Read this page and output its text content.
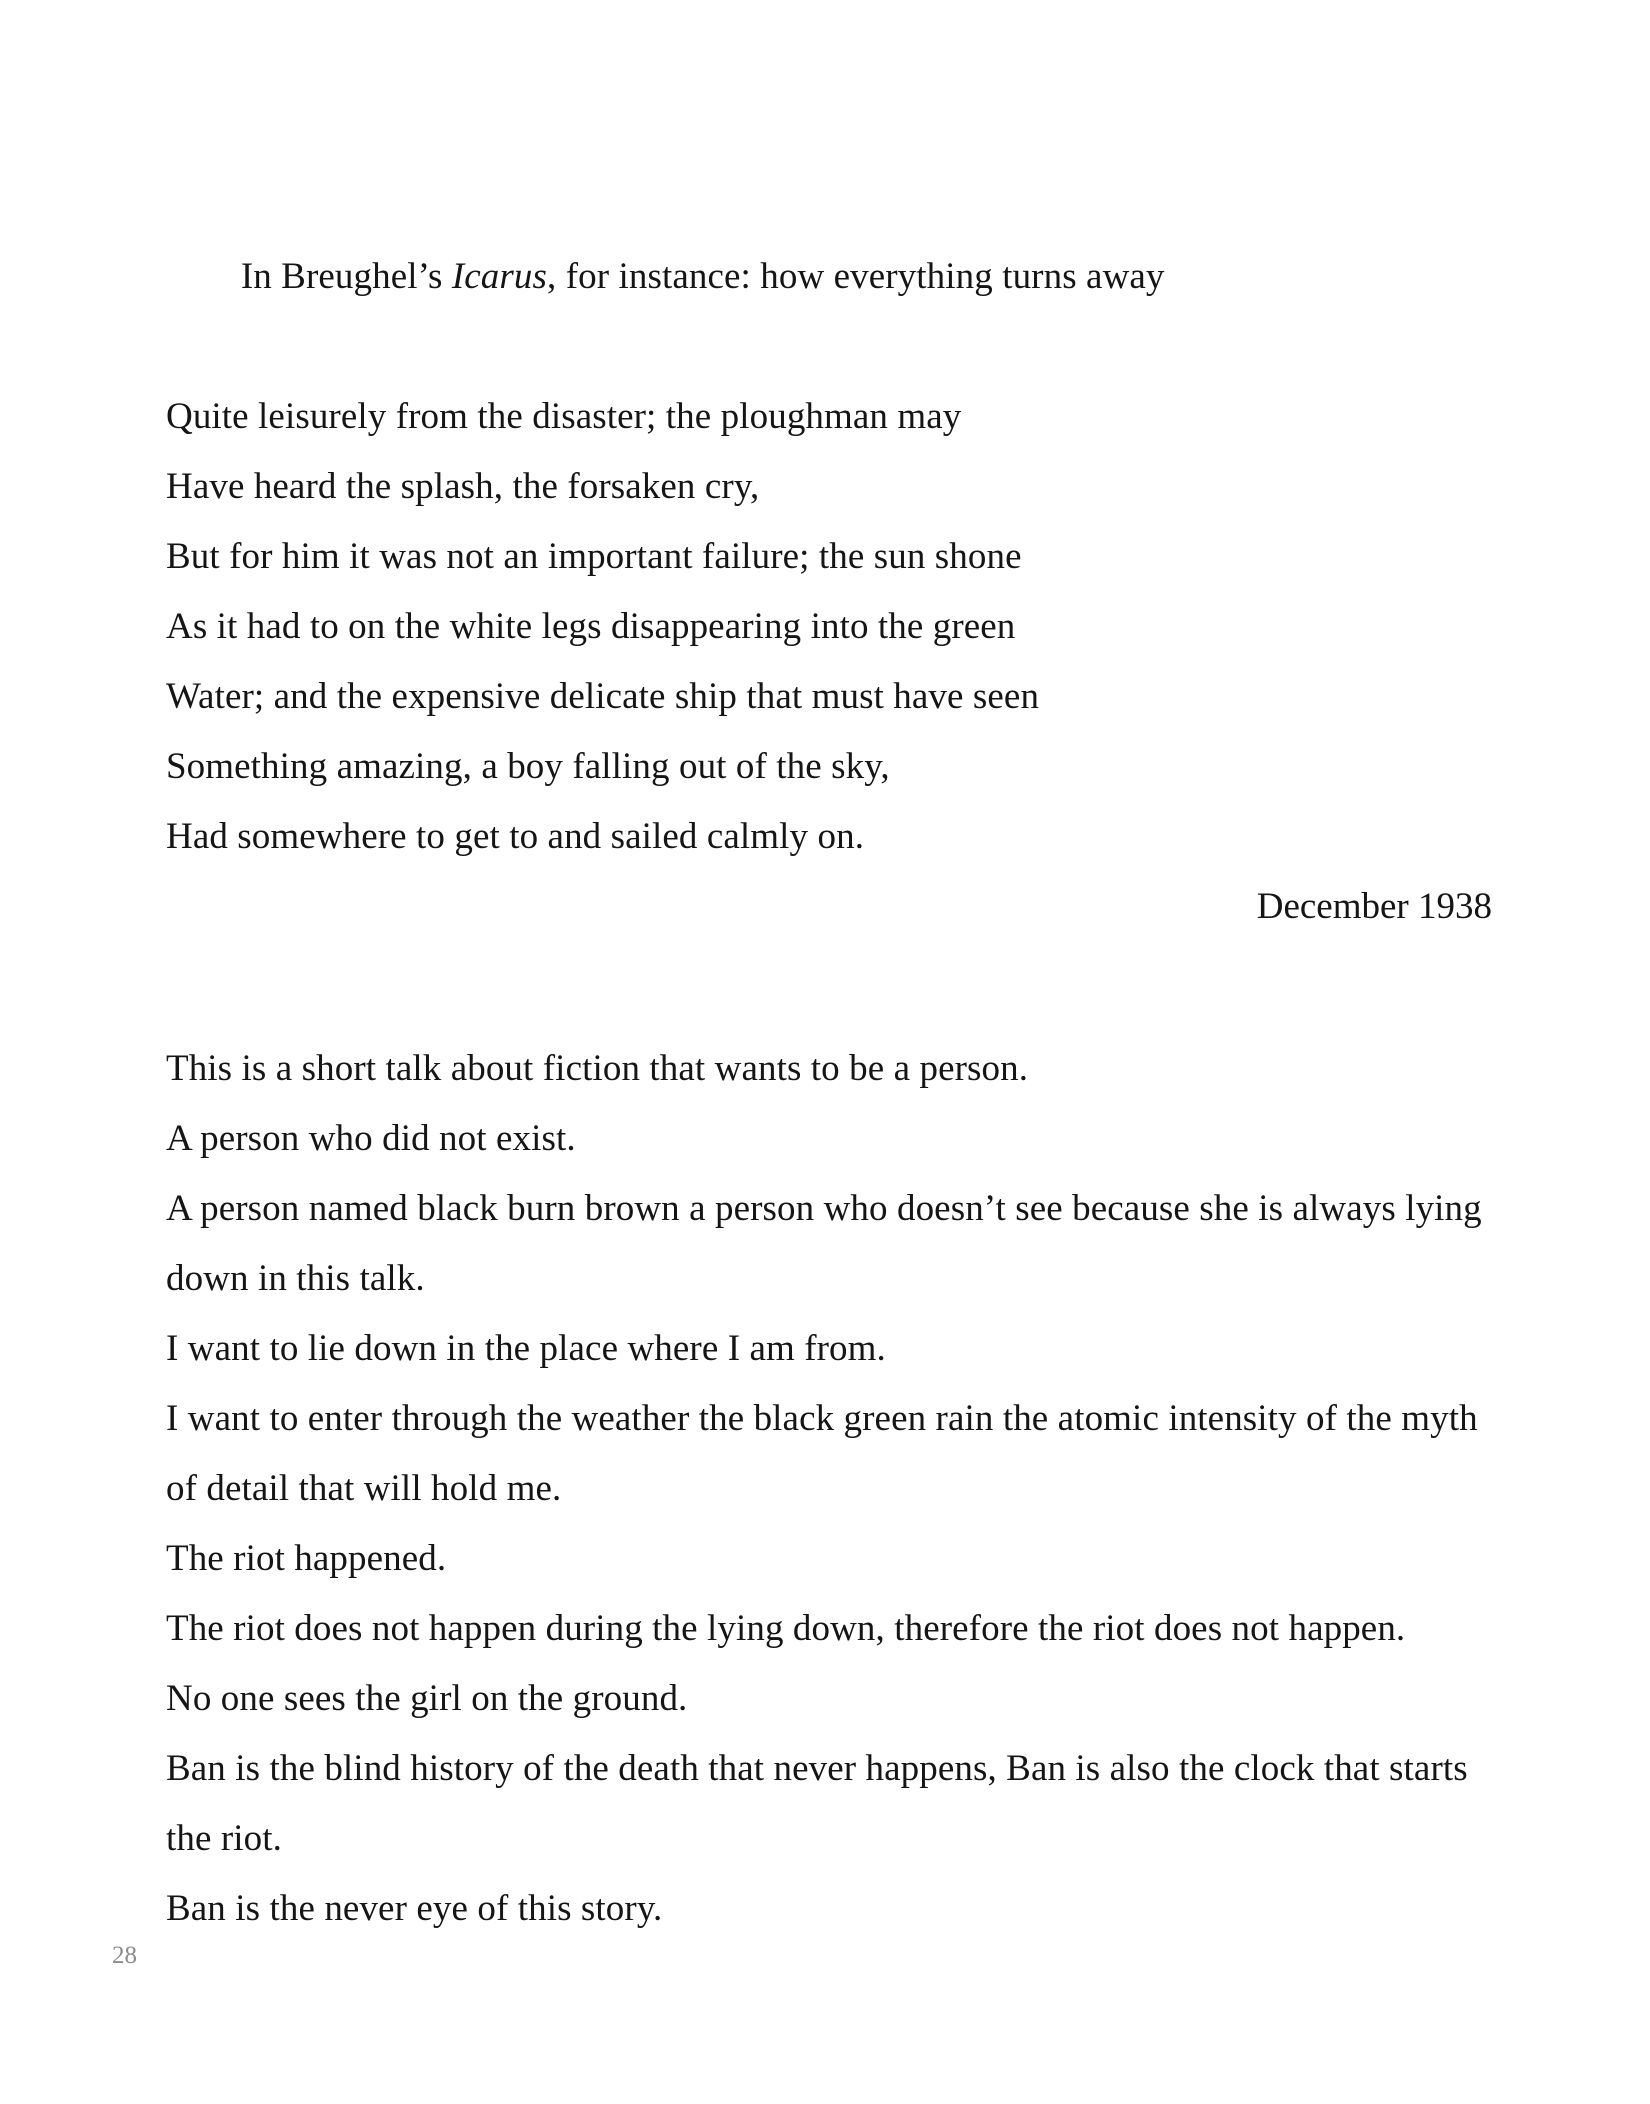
In Breughel’s Icarus, for instance: how everything turns away

Quite leisurely from the disaster; the ploughman may
Have heard the splash, the forsaken cry,
But for him it was not an important failure; the sun shone
As it had to on the white legs disappearing into the green
Water; and the expensive delicate ship that must have seen
Something amazing, a boy falling out of the sky,
Had somewhere to get to and sailed calmly on.
December 1938
This is a short talk about fiction that wants to be a person.
A person who did not exist.
A person named black burn brown a person who doesn’t see because she is always lying down in this talk.
I want to lie down in the place where I am from.
I want to enter through the weather the black green rain the atomic intensity of the myth of detail that will hold me.
The riot happened.
The riot does not happen during the lying down, therefore the riot does not happen.
No one sees the girl on the ground.
Ban is the blind history of the death that never happens, Ban is also the clock that starts the riot.
Ban is the never eye of this story.
28
